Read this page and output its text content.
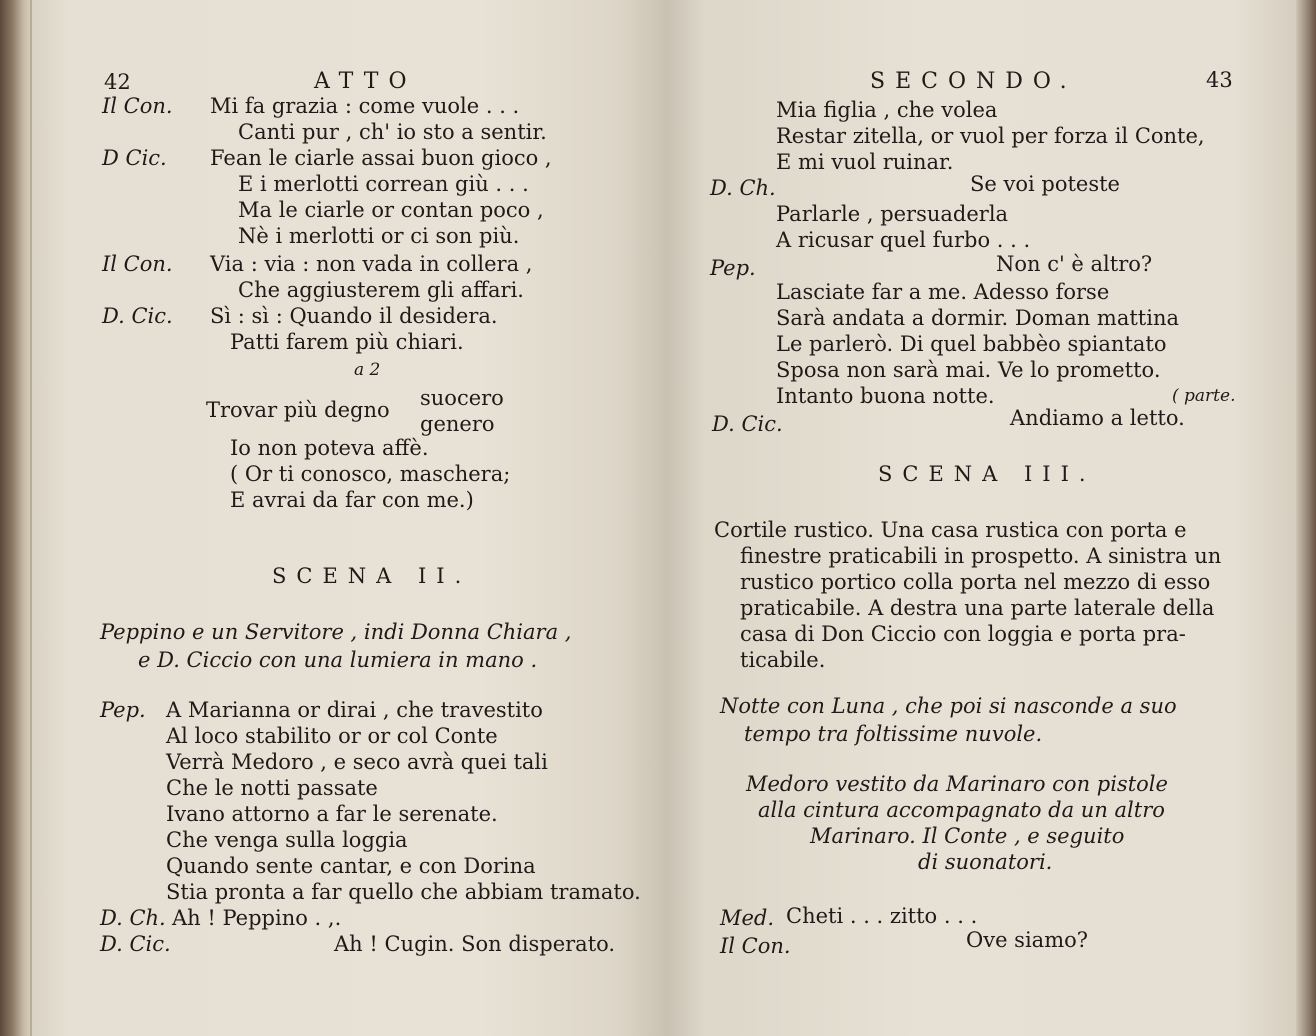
42	ATTO
Il Con. Mi fa grazia : come vuole . . .
Canti pur , ch' io sto a sentir.
D Cic. Fean le ciarle assai buon gioco ,
E i merlotti correan giù . . .
Ma le ciarle or contan poco ,
Nè i merlotti or ci son più.
Il Con. Via : via : non vada in collera ,
Che aggiusterem gli affari.
D. Cic. Sì : sì : Quando il desidera.
Patti farem più chiari.
a 2
Trovar più degno suocero
genero
Io non poteva affè.
( Or ti conosco, maschera;
E avrai da far con me.)
SCENA II.
Peppino e un Servitore , indi Donna Chiara ,
e D. Ciccio con una lumiera in mano .
Pep. A Marianna or dirai , che travestito
Al loco stabilito or or col Conte
Verrà Medoro , e seco avrà quei tali
Che le notti passate
Ivano attorno a far le serenate.
Che venga sulla loggia
Quando sente cantar, e con Dorina
Stia pronta a far quello che abbiam tramato.
D. Ch. Ah ! Peppino . ,.
D. Cic.	Ah ! Cugin. Son disperato.
SECONDO.	43
Mia figlia , che volea
Restar zitella, or vuol per forza il Conte,
E mi vuol ruinar.
D. Ch.	Se voi poteste
Parlarle , persuaderla
A ricusar quel furbo . . .
Pep.	Non c' è altro?
Lasciate far a me. Adesso forse
Sarà andata a dormir. Doman mattina
Le parlerò. Di quel babbèo spiantato
Sposa non sarà mai. Ve lo prometto.
Intanto buona notte.	( parte.
D. Cic.	Andiamo a letto.
SCENA III.
Cortile rustico. Una casa rustica con porta e
finestre praticabili in prospetto. A sinistra un
rustico portico colla porta nel mezzo di esso
praticabile. A destra una parte laterale della
casa di Don Ciccio con loggia e porta pra-
ticabile.
Notte con Luna , che poi si nasconde a suo
tempo tra foltissime nuvole.
Medoro vestito da Marinaro con pistole
alla cintura accompagnato da un altro
Marinaro. Il Conte , e seguito
di suonatori.
Med. Cheti . . . zitto . . .
Il Con.	Ove siamo?
